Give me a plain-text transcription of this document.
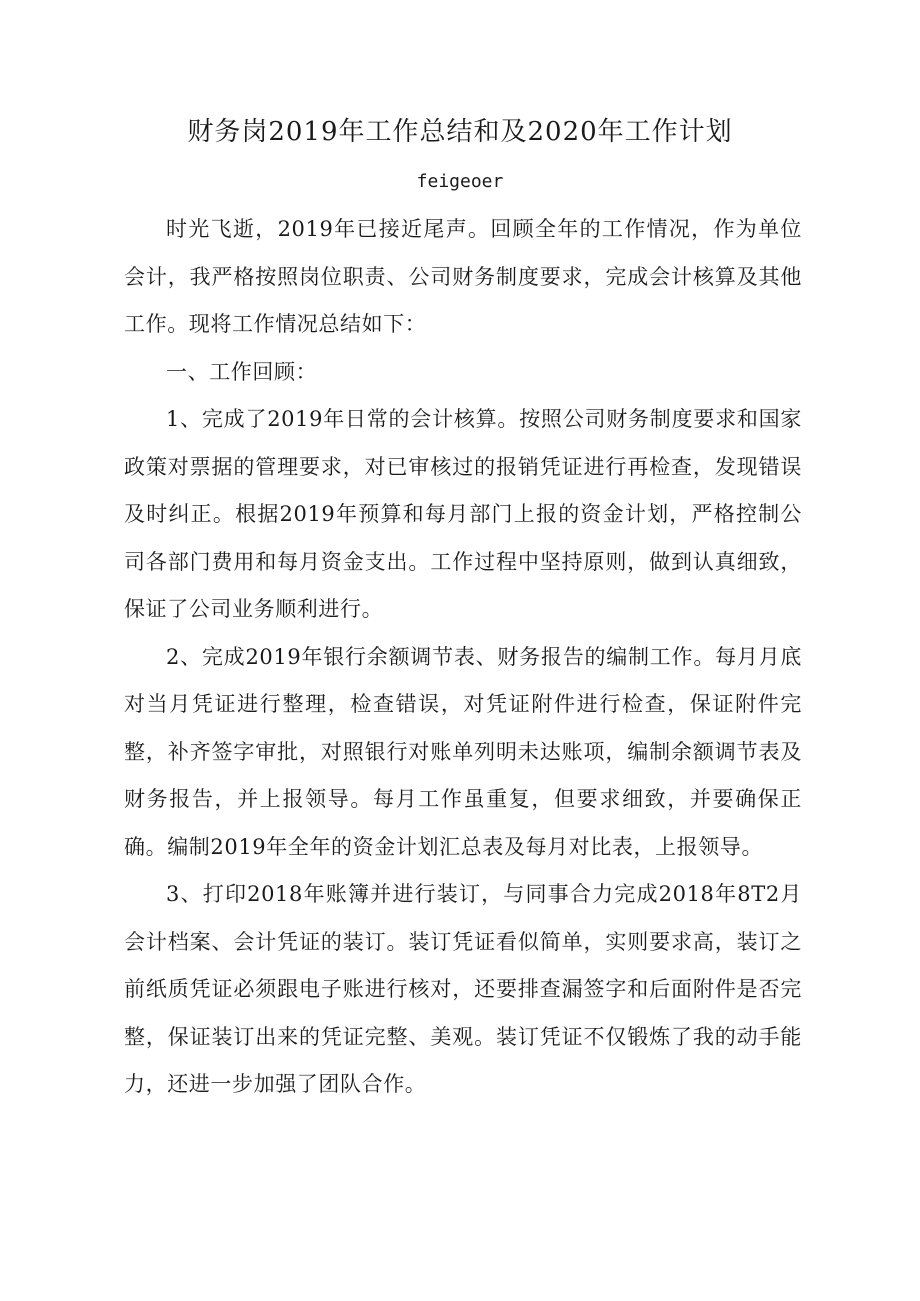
财务岗2019年工作总结和及2020年工作计划
feigeoer

时光飞逝，2019年已接近尾声。回顾全年的工作情况，作为单位会计，我严格按照岗位职责、公司财务制度要求，完成会计核算及其他工作。现将工作情况总结如下：

一、工作回顾：

1、完成了2019年日常的会计核算。按照公司财务制度要求和国家政策对票据的管理要求，对已审核过的报销凭证进行再检查，发现错误及时纠正。根据2019年预算和每月部门上报的资金计划，严格控制公司各部门费用和每月资金支出。工作过程中坚持原则，做到认真细致，保证了公司业务顺利进行。

2、完成2019年银行余额调节表、财务报告的编制工作。每月月底对当月凭证进行整理，检查错误，对凭证附件进行检查，保证附件完整，补齐签字审批，对照银行对账单列明未达账项，编制余额调节表及财务报告，并上报领导。每月工作虽重复，但要求细致，并要确保正确。编制2019年全年的资金计划汇总表及每月对比表，上报领导。

3、打印2018年账簿并进行装订，与同事合力完成2018年8T2月会计档案、会计凭证的装订。装订凭证看似简单，实则要求高，装订之前纸质凭证必须跟电子账进行核对，还要排查漏签字和后面附件是否完整，保证装订出来的凭证完整、美观。装订凭证不仅锻炼了我的动手能力，还进一步加强了团队合作。
